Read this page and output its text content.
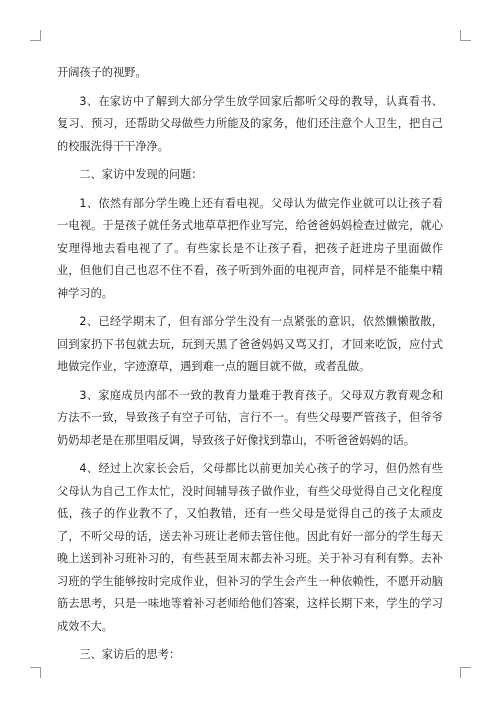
开阔孩子的视野。

3、在家访中了解到大部分学生放学回家后都听父母的教导，认真看书、复习、预习，还帮助父母做些力所能及的家务，他们还注意个人卫生，把自己的校服洗得干干净净。

二、家访中发现的问题：

1、依然有部分学生晚上还有看电视。父母认为做完作业就可以让孩子看一电视。于是孩子就任务式地草草把作业写完，给爸爸妈妈检查过做完，就心安理得地去看电视了了。有些家长是不让孩子看，把孩子赶进房子里面做作业，但他们自己也忍不住不看，孩子听到外面的电视声音，同样是不能集中精神学习的。

2、已经学期末了，但有部分学生没有一点紧张的意识，依然懒懒散散，回到家扔下书包就去玩，玩到天黑了爸爸妈妈又骂又打，才回来吃饭，应付式地做完作业，字迹潦草，遇到难一点的题目就不做，或者乱做。

3、家庭成员内部不一致的教育力量难于教育孩子。父母双方教育观念和方法不一致，导致孩子有空子可钻，言行不一。有些父母要严管孩子，但爷爷奶奶却老是在那里唱反调，导致孩子好像找到靠山，不听爸爸妈妈的话。

4、经过上次家长会后，父母都比以前更加关心孩子的学习，但仍然有些父母认为自己工作太忙，没时间辅导孩子做作业，有些父母觉得自己文化程度低，孩子的作业教不了，又怕教错，还有一些父母是觉得自己的孩子太顽皮了，不听父母的话，送去补习班让老师去管住他。因此有好一部分的学生每天晚上送到补习班补习的，有些甚至周末都去补习班。关于补习有利有弊。去补习班的学生能够按时完成作业，但补习的学生会产生一种依赖性，不愿开动脑筋去思考，只是一味地等着补习老师给他们答案，这样长期下来，学生的学习成效不大。

三、家访后的思考：
